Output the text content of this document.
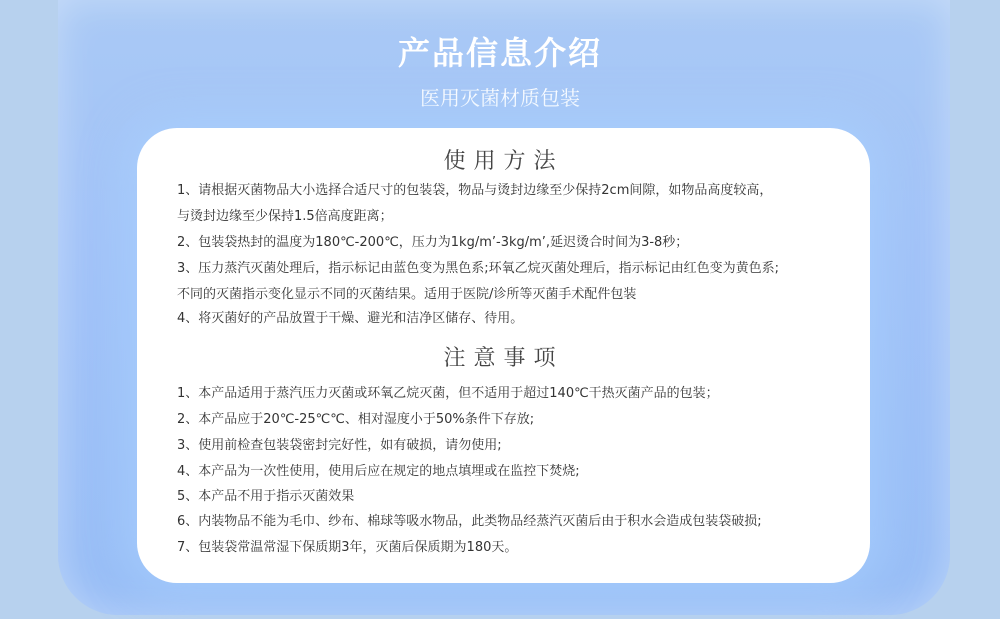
产品信息介绍
医用灭菌材质包装
使用方法
1、请根据灭菌物品大小选择合适尺寸的包装袋，物品与烫封边缘至少保持2cm间隙，如物品高度较高，
与烫封边缘至少保持1.5倍高度距离；
2、包装袋热封的温度为180℃-200℃，压力为1kg/m’-3kg/m’,延迟烫合时间为3-8秒；
3、压力蒸汽灭菌处理后，指示标记由蓝色变为黑色系;环氧乙烷灭菌处理后，指示标记由红色变为黄色系;
不同的灭菌指示变化显示不同的灭菌结果。适用于医院/诊所等灭菌手术配件包装
4、将灭菌好的产品放置于干燥、避光和洁净区储存、待用。
注意事项
1、本产品适用于蒸汽压力灭菌或环氧乙烷灭菌，但不适用于超过140℃干热灭菌产品的包装；
2、本产品应于20℃-25℃℃、相对湿度小于50%条件下存放;
3、使用前检查包装袋密封完好性，如有破损，请勿使用;
4、本产品为一次性使用，使用后应在规定的地点填埋或在监控下焚烧;
5、本产品不用于指示灭菌效果
6、内装物品不能为毛巾、纱布、棉球等吸水物品，此类物品经蒸汽灭菌后由于积水会造成包装袋破损;
7、包装袋常温常湿下保质期3年，灭菌后保质期为180天。
